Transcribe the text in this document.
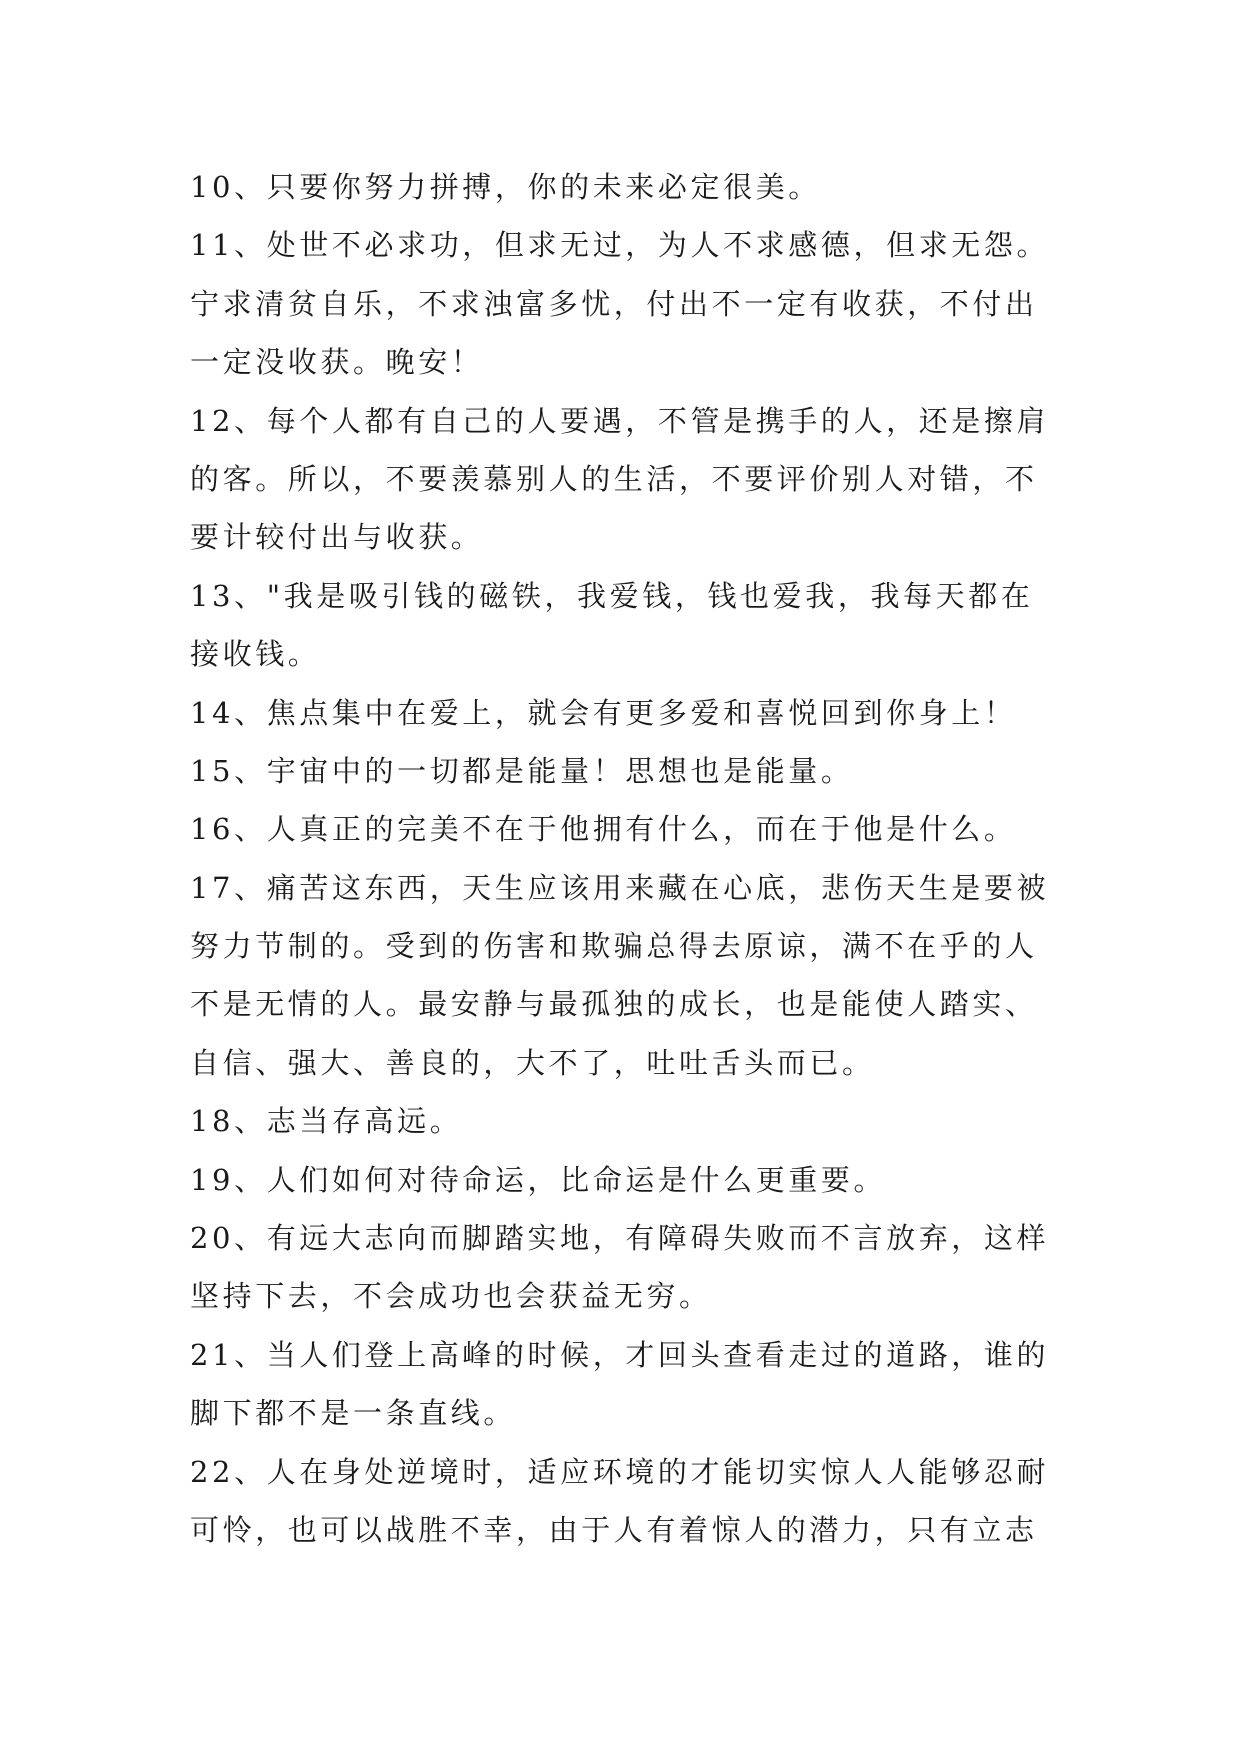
10、只要你努力拼搏，你的未来必定很美。
11、处世不必求功，但求无过，为人不求感德，但求无怨。
宁求清贫自乐，不求浊富多忧，付出不一定有收获，不付出
一定没收获。晚安！
12、每个人都有自己的人要遇，不管是携手的人，还是擦肩
的客。所以，不要羡慕别人的生活，不要评价别人对错，不
要计较付出与收获。
13、"我是吸引钱的磁铁，我爱钱，钱也爱我，我每天都在
接收钱。
14、焦点集中在爱上，就会有更多爱和喜悦回到你身上！
15、宇宙中的一切都是能量！思想也是能量。
16、人真正的完美不在于他拥有什么，而在于他是什么。
17、痛苦这东西，天生应该用来藏在心底，悲伤天生是要被
努力节制的。受到的伤害和欺骗总得去原谅，满不在乎的人
不是无情的人。最安静与最孤独的成长，也是能使人踏实、
自信、强大、善良的，大不了，吐吐舌头而已。
18、志当存高远。
19、人们如何对待命运，比命运是什么更重要。
20、有远大志向而脚踏实地，有障碍失败而不言放弃，这样
坚持下去，不会成功也会获益无穷。
21、当人们登上高峰的时候，才回头查看走过的道路，谁的
脚下都不是一条直线。
22、人在身处逆境时，适应环境的才能切实惊人人能够忍耐
可怜，也可以战胜不幸，由于人有着惊人的潜力，只有立志
